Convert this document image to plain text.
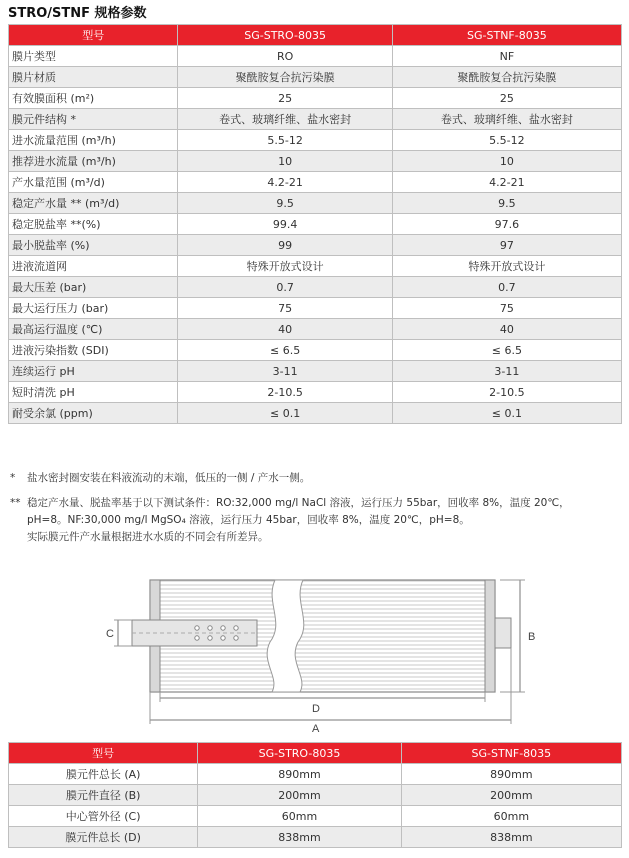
STRO/STNF 规格参数
型号	SG-STRO-8035	SG-STNF-8035
膜片类型	RO	NF
膜片材质	聚酰胺复合抗污染膜	聚酰胺复合抗污染膜
有效膜面积 (m²)	25	25
膜元件结构 *	卷式、玻璃纤维、盐水密封	卷式、玻璃纤维、盐水密封
进水流量范围 (m³/h)	5.5-12	5.5-12
推荐进水流量 (m³/h)	10	10
产水量范围 (m³/d)	4.2-21	4.2-21
稳定产水量 ** (m³/d)	9.5	9.5
稳定脱盐率 **(%)	99.4	97.6
最小脱盐率 (%)	99	97
进液流道网	特殊开放式设计	特殊开放式设计
最大压差 (bar)	0.7	0.7
最大运行压力 (bar)	75	75
最高运行温度 (℃)	40	40
进液污染指数 (SDI)	≤ 6.5	≤ 6.5
连续运行 pH	3-11	3-11
短时清洗 pH	2-10.5	2-10.5
耐受余氯 (ppm)	≤ 0.1	≤ 0.1
*	盐水密封圈安装在料液流动的末端，低压的一侧 / 产水一侧。
** 稳定产水量、脱盐率基于以下测试条件：RO:32,000 mg/l NaCl 溶液，运行压力 55bar，回收率 8%，温度 20℃，
pH=8。NF:30,000 mg/l MgSO₄ 溶液，运行压力 45bar，回收率 8%，温度 20℃，pH=8。
实际膜元件产水量根据进水水质的不同会有所差异。
C	B
D
A
型号	SG-STRO-8035	SG-STNF-8035
膜元件总长 (A)	890mm	890mm
膜元件直径 (B)	200mm	200mm
中心管外径 (C)	60mm	60mm
膜元件总长 (D)	838mm	838mm
